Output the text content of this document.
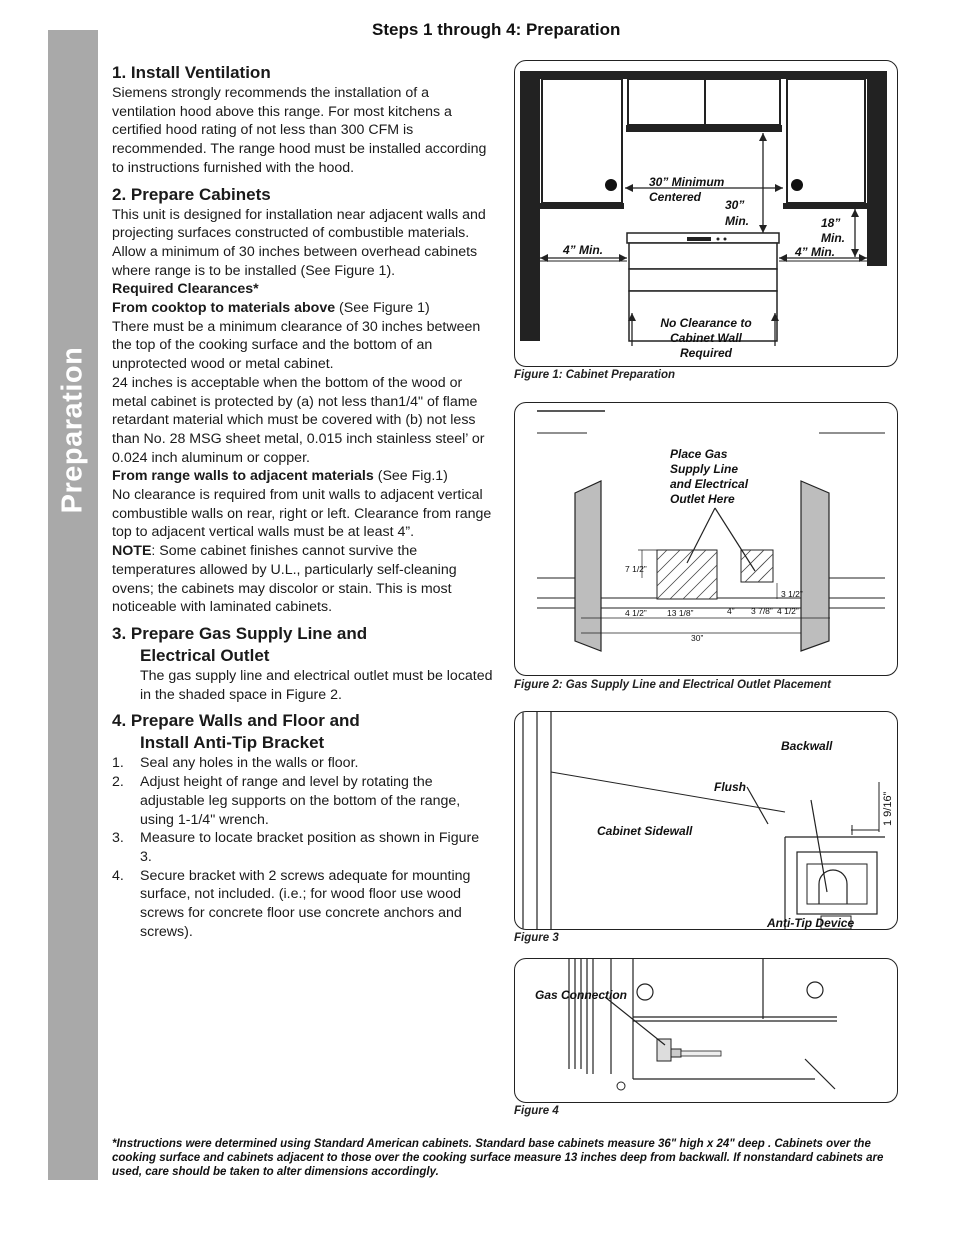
Preparation
Steps 1 through 4: Preparation
1. Install Ventilation

Siemens strongly recommends the installation of a ventilation hood above this range. For most kitchens a certified hood rating of not less than 300 CFM is recommended. The range hood must be installed according to instructions furnished with the hood.

2. Prepare Cabinets

This unit is designed for installation near adjacent walls and projecting surfaces constructed of combustible materials.

Allow a minimum of 30 inches between overhead cabinets where range is to be installed (See Figure 1).

Required Clearances*

From cooktop to materials above (See Figure 1)

There must be a minimum clearance of 30 inches between the top of the cooking surface and the bottom of an unprotected wood or metal cabinet.

24 inches is acceptable when the bottom of the wood or metal cabinet is protected by (a) not less than1/4" of flame retardant material which must be covered with (b) not less than No. 28 MSG sheet metal, 0.015 inch stainless steel’ or 0.024 inch aluminum or copper.

From range walls to adjacent materials (See Fig.1)

No clearance is required from unit walls to adjacent vertical combustible walls on rear, right or left. Clearance from range top to adjacent vertical walls must be at least 4”.

NOTE: Some cabinet finishes cannot survive the temperatures allowed by U.L., particularly self-cleaning ovens; the cabinets may discolor or stain. This is most noticeable with laminated cabinets.

3. Prepare Gas Supply Line and
Electrical Outlet

The gas supply line and electrical outlet must be located in the shaded space in Figure 2.

4. Prepare Walls and Floor and
Install Anti-Tip Bracket
1. Seal any holes in the walls or floor.
2. Adjust height of range and level by rotating the adjustable leg supports on the bottom of the range, using 1-1/4" wrench.
3. Measure to locate bracket position as shown in Figure 3.
4. Secure bracket with 2 screws adequate for mounting surface, not included. (i.e.; for wood floor use wood screws for concrete floor use concrete anchors and screws).
30” Minimum
Centered
30”
Min.	18”
Min.
4” Min.	4” Min.
No Clearance to
Cabinet Wall
Required
Figure 1: Cabinet Preparation
Place Gas
Supply Line
and Electrical
Outlet Here
7 1/2”
3 1/2”
4 1/2” 13 1/8”	4” 3 7/8” 4 1/2”
30”
Figure 2: Gas Supply Line and Electrical Outlet Placement
Backwall
Flush
Cabinet Sidewall
Anti-Tip Device
1 9/16”
Figure 3
Gas Connection
Figure 4
*Instructions were determined using Standard American cabinets. Standard base cabinets measure 36" high x 24" deep . Cabinets over the cooking surface and cabinets adjacent to those over the cooking surface measure 13 inches deep from backwall. If nonstandard cabinets are used, care should be taken to alter dimensions accordingly.
